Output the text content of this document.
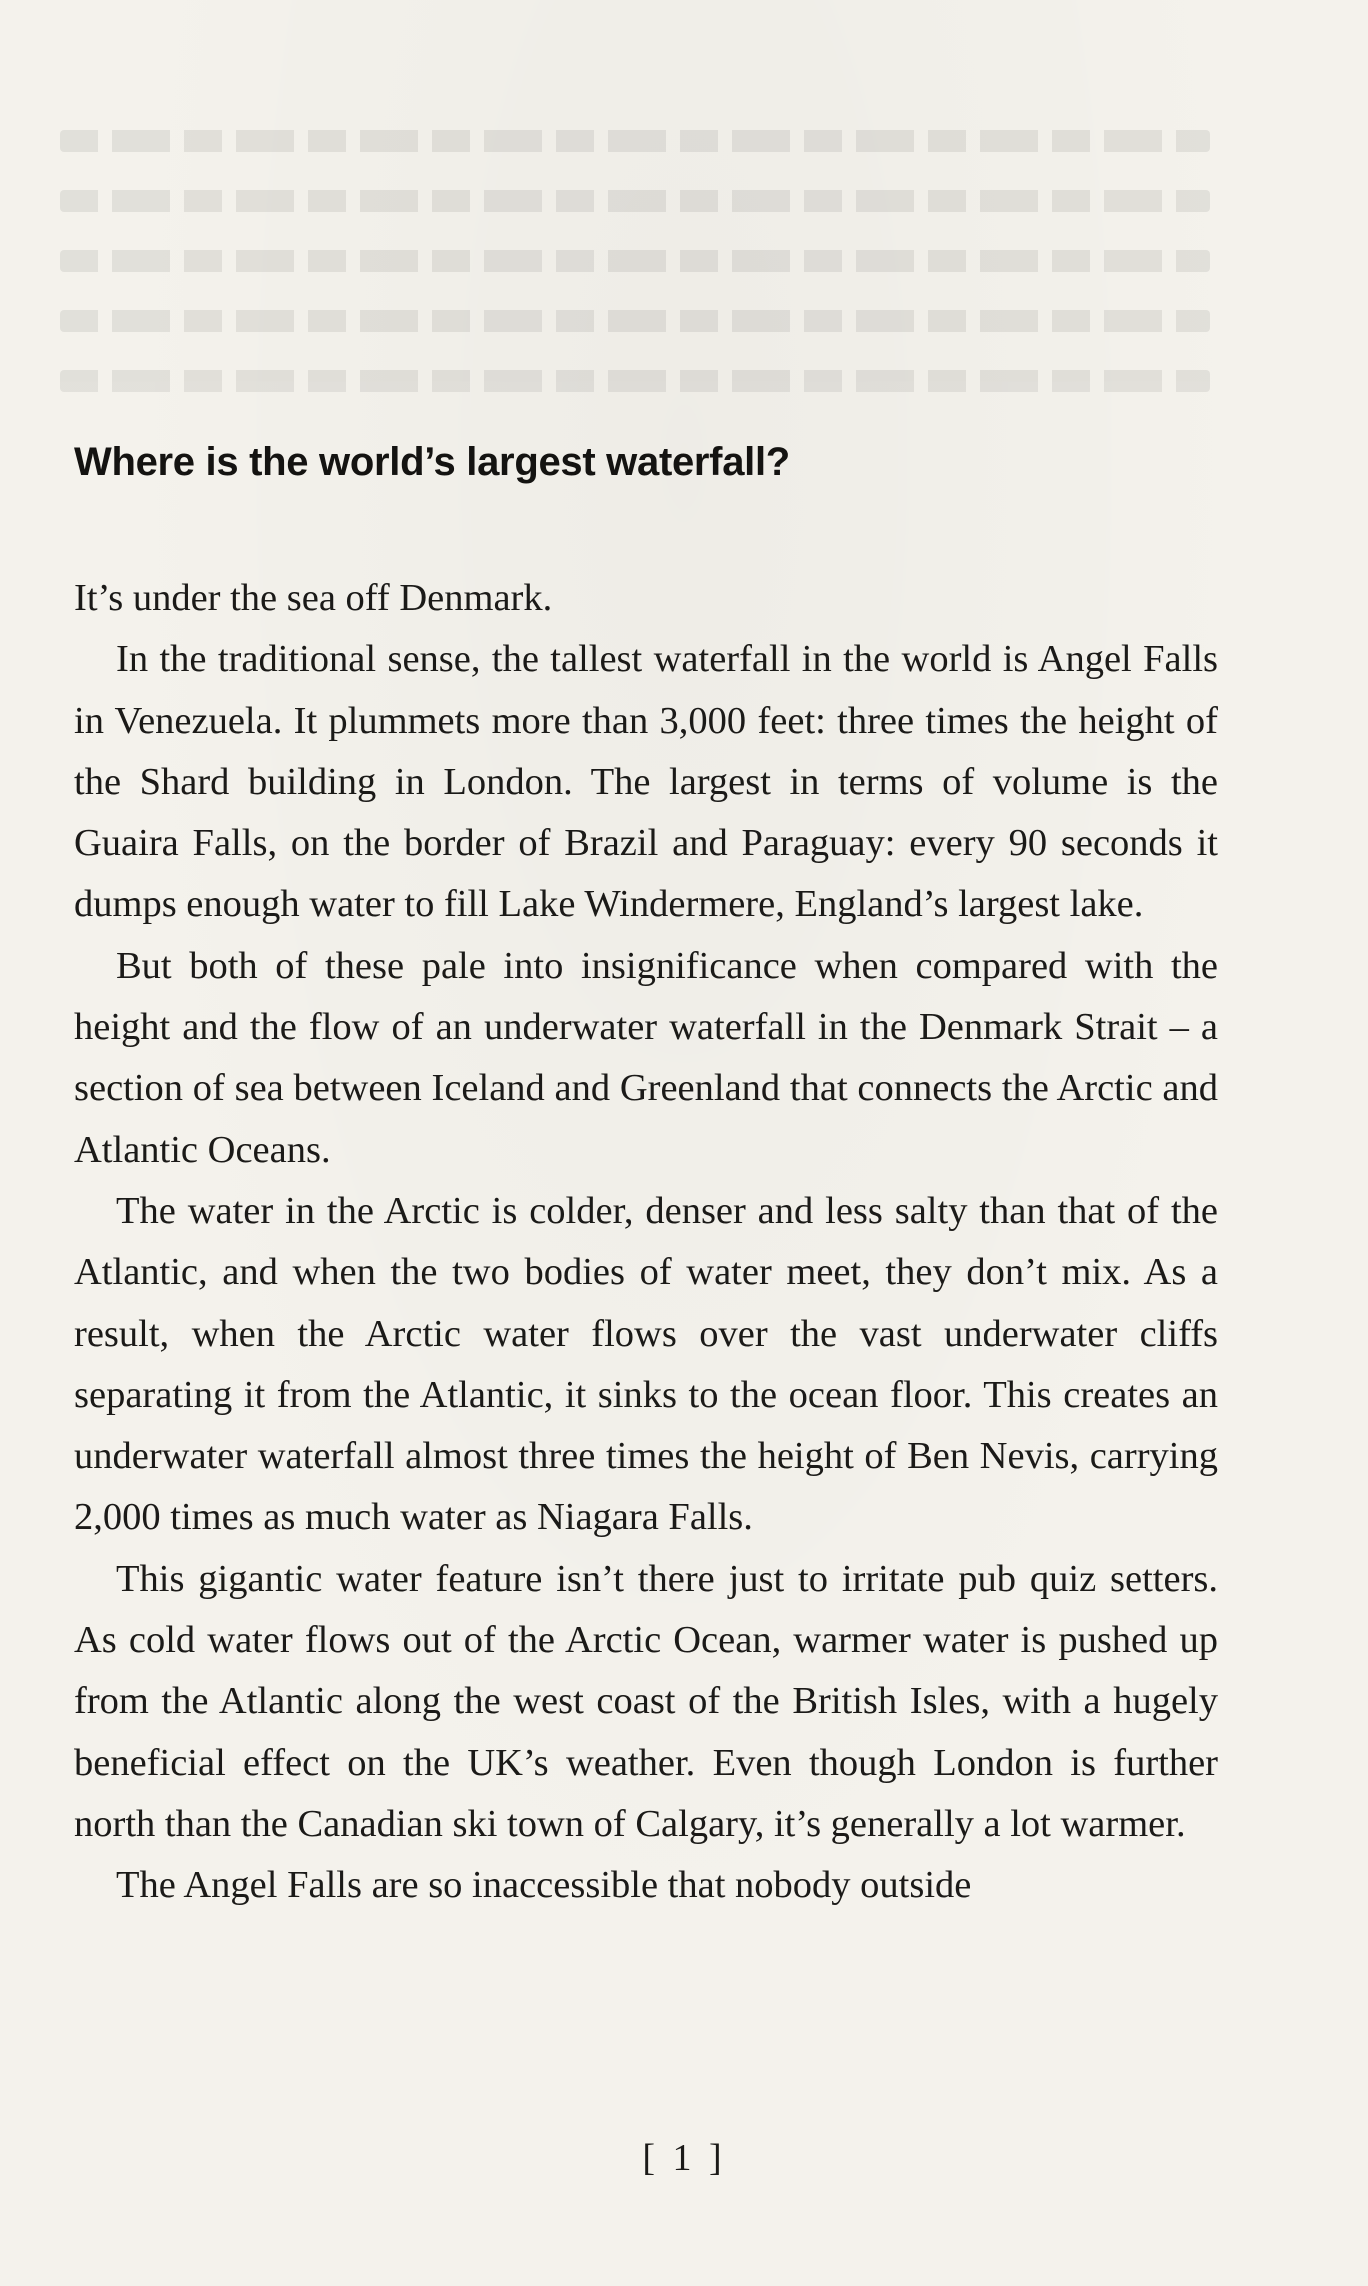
Where is the world’s largest waterfall?

It’s under the sea off Denmark.

In the traditional sense, the tallest waterfall in the world is Angel Falls in Venezuela. It plummets more than 3,000 feet: three times the height of the Shard building in London. The largest in terms of volume is the Guaira Falls, on the border of Brazil and Paraguay: every 90 seconds it dumps enough water to fill Lake Windermere, England’s largest lake.

But both of these pale into insignificance when compared with the height and the flow of an underwater waterfall in the Denmark Strait – a section of sea between Iceland and Greenland that connects the Arctic and Atlantic Oceans.

The water in the Arctic is colder, denser and less salty than that of the Atlantic, and when the two bodies of water meet, they don’t mix. As a result, when the Arctic water flows over the vast underwater cliffs separating it from the Atlantic, it sinks to the ocean floor. This creates an underwater waterfall almost three times the height of Ben Nevis, carrying 2,000 times as much water as Niagara Falls.

This gigantic water feature isn’t there just to irritate pub quiz setters. As cold water flows out of the Arctic Ocean, warmer water is pushed up from the Atlantic along the west coast of the British Isles, with a hugely beneficial effect on the UK’s weather. Even though London is further north than the Canadian ski town of Calgary, it’s generally a lot warmer.

The Angel Falls are so inaccessible that nobody outside

[ 1 ]
